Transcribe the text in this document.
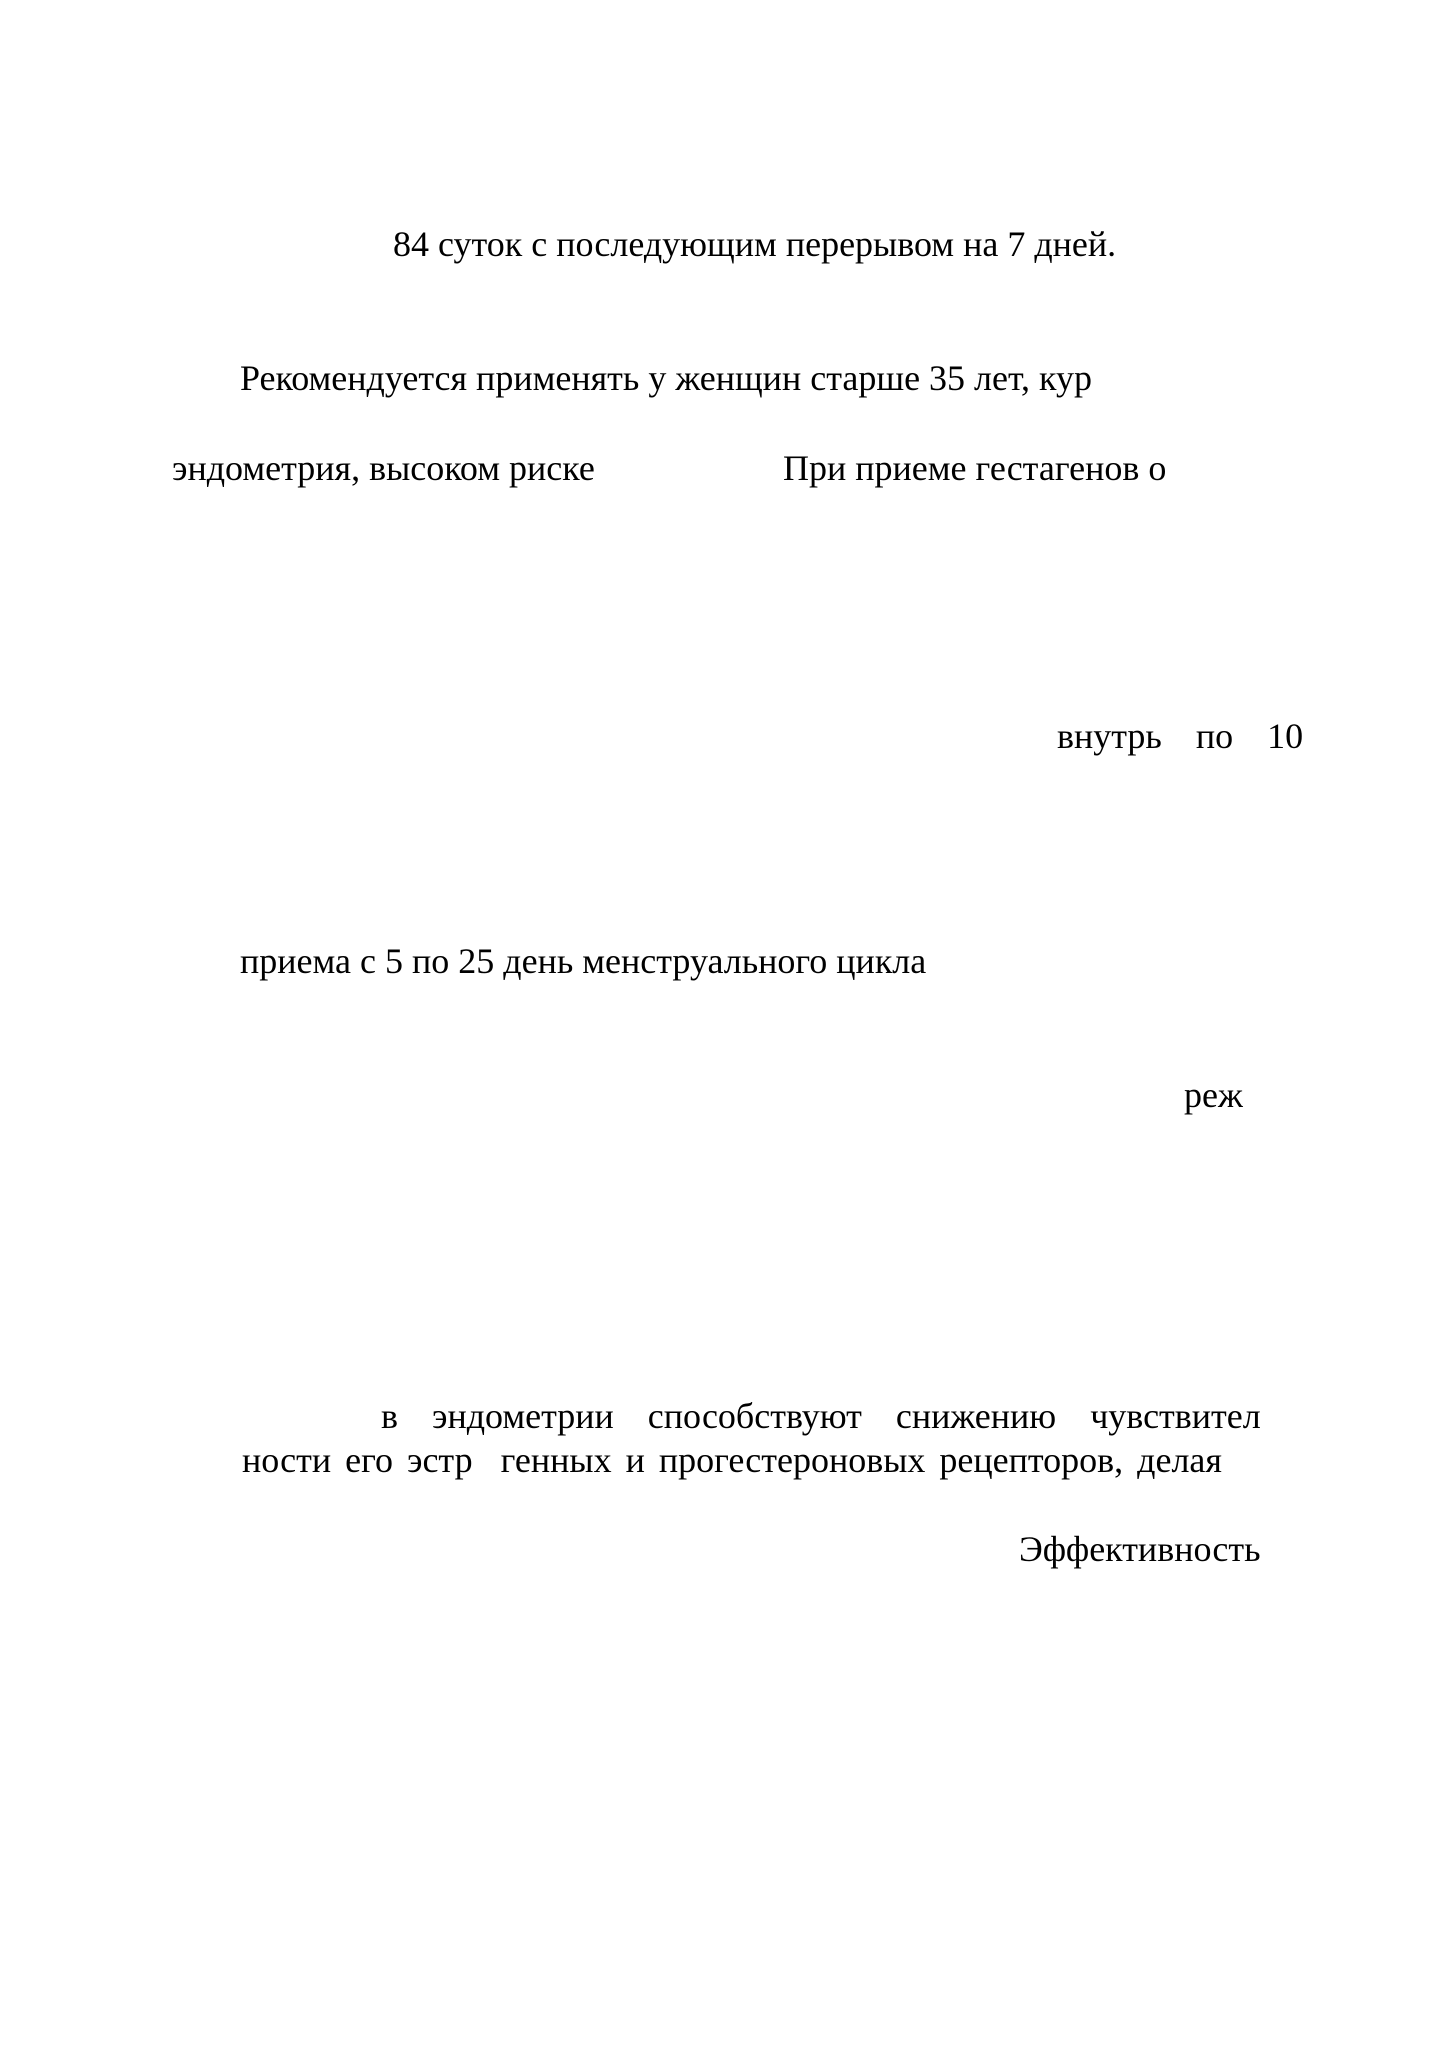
84 суток с последующим перерывом на 7 дней.

Рекомендуется применять у женщин старше 35 лет, кур

эндометрия, высоком риске	При приеме гестагенов о

внутрь  по  10

приема с 5 по 25 день менструального цикла

реж

в  эндометрии  способствуют  снижению  чувствител

ности его эстр  генных и прогестероновых рецепторов, делая

Эффективность
